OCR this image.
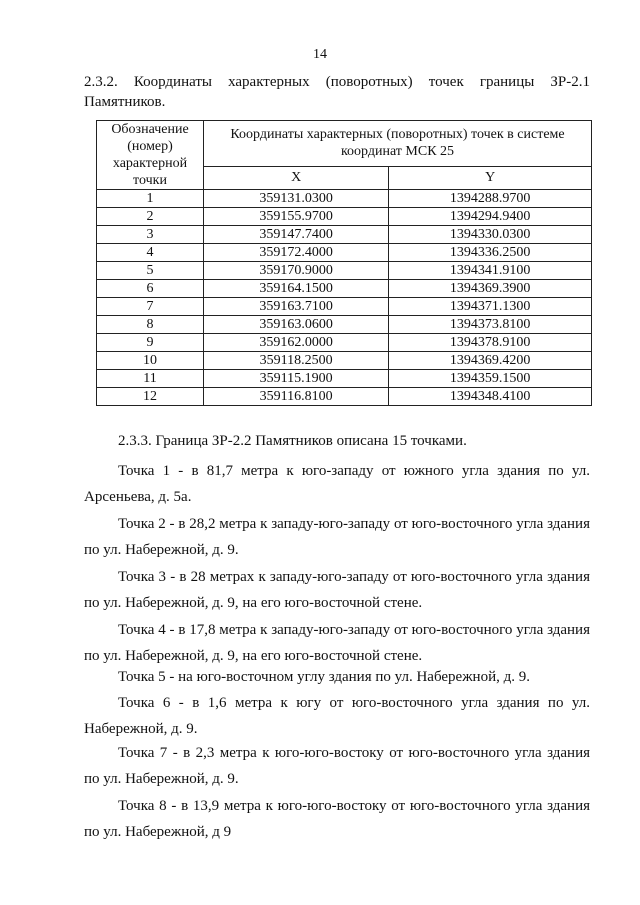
14
2.3.2. Координаты характерных (поворотных) точек границы ЗР-2.1
Памятников.
Обозначение (номер) характерной точки	Координаты характерных (поворотных) точек в системе координат МСК 25	
	X	Y
1	359131.0300	1394288.9700
2	359155.9700	1394294.9400
3	359147.7400	1394330.0300
4	359172.4000	1394336.2500
5	359170.9000	1394341.9100
6	359164.1500	1394369.3900
7	359163.7100	1394371.1300
8	359163.0600	1394373.8100
9	359162.0000	1394378.9100
10	359118.2500	1394369.4200
11	359115.1900	1394359.1500
12	359116.8100	1394348.4100

2.3.3. Граница ЗР-2.2 Памятников описана 15 точками.

Точка 1 - в 81,7 метра к юго-западу от южного угла здания по ул. Арсеньева, д. 5а.

Точка 2 - в 28,2 метра к западу-юго-западу от юго-восточного угла здания по ул. Набережной, д. 9.

Точка 3 - в 28 метрах к западу-юго-западу от юго-восточного угла здания по ул. Набережной, д. 9, на его юго-восточной стене.

Точка 4 - в 17,8 метра к западу-юго-западу от юго-восточного угла здания по ул. Набережной, д. 9, на его юго-восточной стене.

Точка 5 - на юго-восточном углу здания по ул. Набережной, д. 9.

Точка 6 - в 1,6 метра к югу от юго-восточного угла здания по ул. Набережной, д. 9.

Точка 7 - в 2,3 метра к юго-юго-востоку от юго-восточного угла здания по ул. Набережной, д. 9.

Точка 8 - в 13,9 метра к юго-юго-востоку от юго-восточного угла здания по ул. Набережной, д 9
